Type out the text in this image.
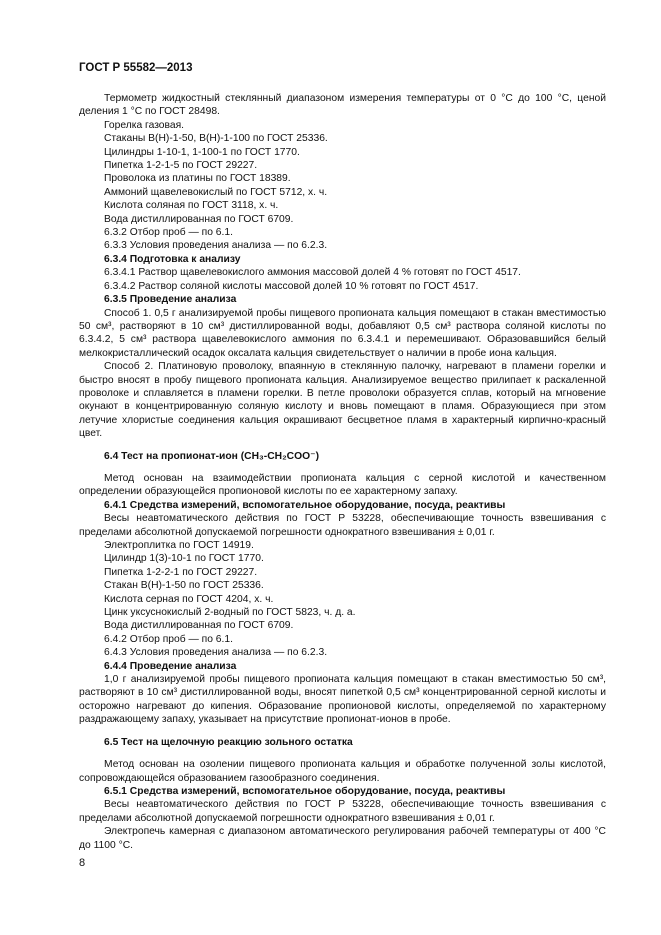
ГОСТ Р 55582—2013

Термометр жидкостный стеклянный диапазоном измерения температуры от 0 °С до 100 °С, ценой деления 1 °С по ГОСТ 28498.

Горелка газовая.

Стаканы В(Н)-1-50, В(Н)-1-100 по ГОСТ 25336.

Цилиндры 1-10-1, 1-100-1 по ГОСТ 1770.

Пипетка 1-2-1-5 по ГОСТ 29227.

Проволока из платины по ГОСТ 18389.

Аммоний щавелевокислый по ГОСТ 5712, х. ч.

Кислота соляная по ГОСТ 3118, х. ч.

Вода дистиллированная по ГОСТ 6709.

6.3.2 Отбор проб — по 6.1.

6.3.3 Условия проведения анализа — по 6.2.3.

6.3.4 Подготовка к анализу

6.3.4.1 Раствор щавелевокислого аммония массовой долей 4 % готовят по ГОСТ 4517.

6.3.4.2 Раствор соляной кислоты массовой долей 10 % готовят по ГОСТ 4517.

6.3.5 Проведение анализа

Способ 1. 0,5 г анализируемой пробы пищевого пропионата кальция помещают в стакан вместимостью 50 см³, растворяют в 10 см³ дистиллированной воды, добавляют 0,5 см³ раствора соляной кислоты по 6.3.4.2, 5 см³ раствора щавелевокислого аммония по 6.3.4.1 и перемешивают. Образовавшийся белый мелкокристаллический осадок оксалата кальция свидетельствует о наличии в пробе иона кальция.

Способ 2. Платиновую проволоку, впаянную в стеклянную палочку, нагревают в пламени горелки и быстро вносят в пробу пищевого пропионата кальция. Анализируемое вещество прилипает к раскаленной проволоке и сплавляется в пламени горелки. В петле проволоки образуется сплав, который на мгновение окунают в концентрированную соляную кислоту и вновь помещают в пламя. Образующиеся при этом летучие хлористые соединения кальция окрашивают бесцветное пламя в характерный кирпично-красный цвет.

6.4 Тест на пропионат-ион (CH₃-CH₂COO⁻)

Метод основан на взаимодействии пропионата кальция с серной кислотой и качественном определении образующейся пропионовой кислоты по ее характерному запаху.

6.4.1 Средства измерений, вспомогательное оборудование, посуда, реактивы

Весы неавтоматического действия по ГОСТ Р 53228, обеспечивающие точность взвешивания с пределами абсолютной допускаемой погрешности однократного взвешивания ± 0,01 г.

Электроплитка по ГОСТ 14919.

Цилиндр 1(3)-10-1 по ГОСТ 1770.

Пипетка 1-2-2-1 по ГОСТ 29227.

Стакан В(Н)-1-50 по ГОСТ 25336.

Кислота серная по ГОСТ 4204, х. ч.

Цинк уксуснокислый 2-водный по ГОСТ 5823, ч. д. а.

Вода дистиллированная по ГОСТ 6709.

6.4.2 Отбор проб — по 6.1.

6.4.3 Условия проведения анализа — по 6.2.3.

6.4.4 Проведение анализа

1,0 г анализируемой пробы пищевого пропионата кальция помещают в стакан вместимостью 50 см³, растворяют в 10 см³ дистиллированной воды, вносят пипеткой 0,5 см³ концентрированной серной кислоты и осторожно нагревают до кипения. Образование пропионовой кислоты, определяемой по характерному раздражающему запаху, указывает на присутствие пропионат-ионов в пробе.

6.5 Тест на щелочную реакцию зольного остатка

Метод основан на озолении пищевого пропионата кальция и обработке полученной золы кислотой, сопровождающейся образованием газообразного соединения.

6.5.1 Средства измерений, вспомогательное оборудование, посуда, реактивы

Весы неавтоматического действия по ГОСТ Р 53228, обеспечивающие точность взвешивания с пределами абсолютной допускаемой погрешности однократного взвешивания ± 0,01 г.

Электропечь камерная с диапазоном автоматического регулирования рабочей температуры от 400 °С до 1100 °С.

8
